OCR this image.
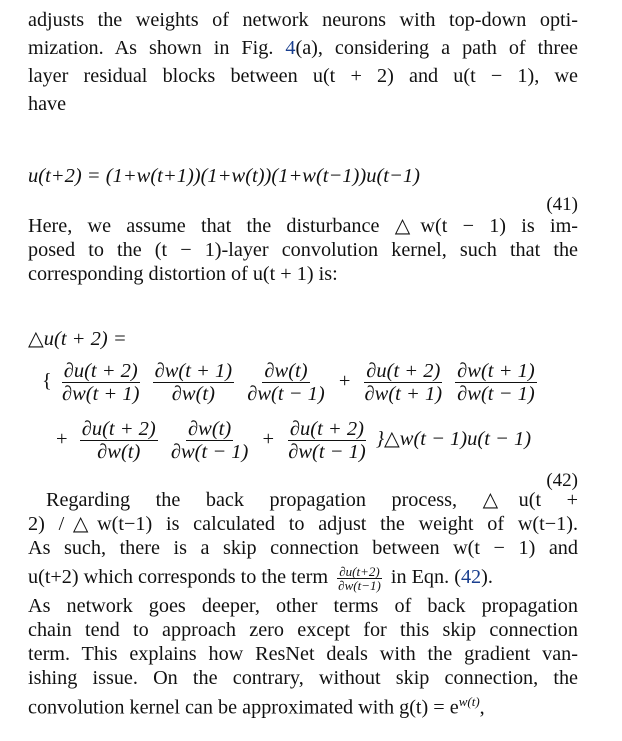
adjusts the weights of network neurons with top-down opti-
mization. As shown in Fig. 4(a), considering a path of three
layer residual blocks between u(t + 2) and u(t − 1), we
have
u(t+2) = (1+w(t+1))(1+w(t))(1+w(t−1))u(t−1)
(41)
Here, we assume that the disturbance △w(t − 1) is im-
posed to the (t − 1)-layer convolution kernel, such that the
corresponding distortion of u(t + 1) is:
△u(t + 2) =
{ $\frac{\partial u(t + 2)}{\partial w(t + 1)}$
$\frac{\partial w(t + 1)}{\partial w(t)}$
$\frac{\partial w(t)}{\partial w(t - 1)} + \frac{\partial u(t + 2)}{\partial w(t + 1)}$
$\frac{\partial w(t + 1)}{\partial w(t - 1)}$
+ $\frac{\partial u(t + 2)}{\partial w(t)}$
$\frac{\partial w(t)}{\partial w(t - 1)} + \frac{\partial u(t + 2)}{\partial w(t - 1)}$ }△w(t − 1)u(t − 1)
(42)
Regarding the back propagation process, △u(t +
2) /△w(t−1) is calculated to adjust the weight of w(t−1).
As such, there is a skip connection between w(t − 1) and
u(t+2) which corresponds to the term $\frac{\partial u(t+2)}{\partial w(t-1)}$ in Eqn. (42).
As network goes deeper, other terms of back propagation
chain tend to approach zero except for this skip connection
term. This explains how ResNet deals with the gradient van-
ishing issue. On the contrary, without skip connection, the
convolution kernel can be approximated with $g(t) = e^{w(t)}$,
